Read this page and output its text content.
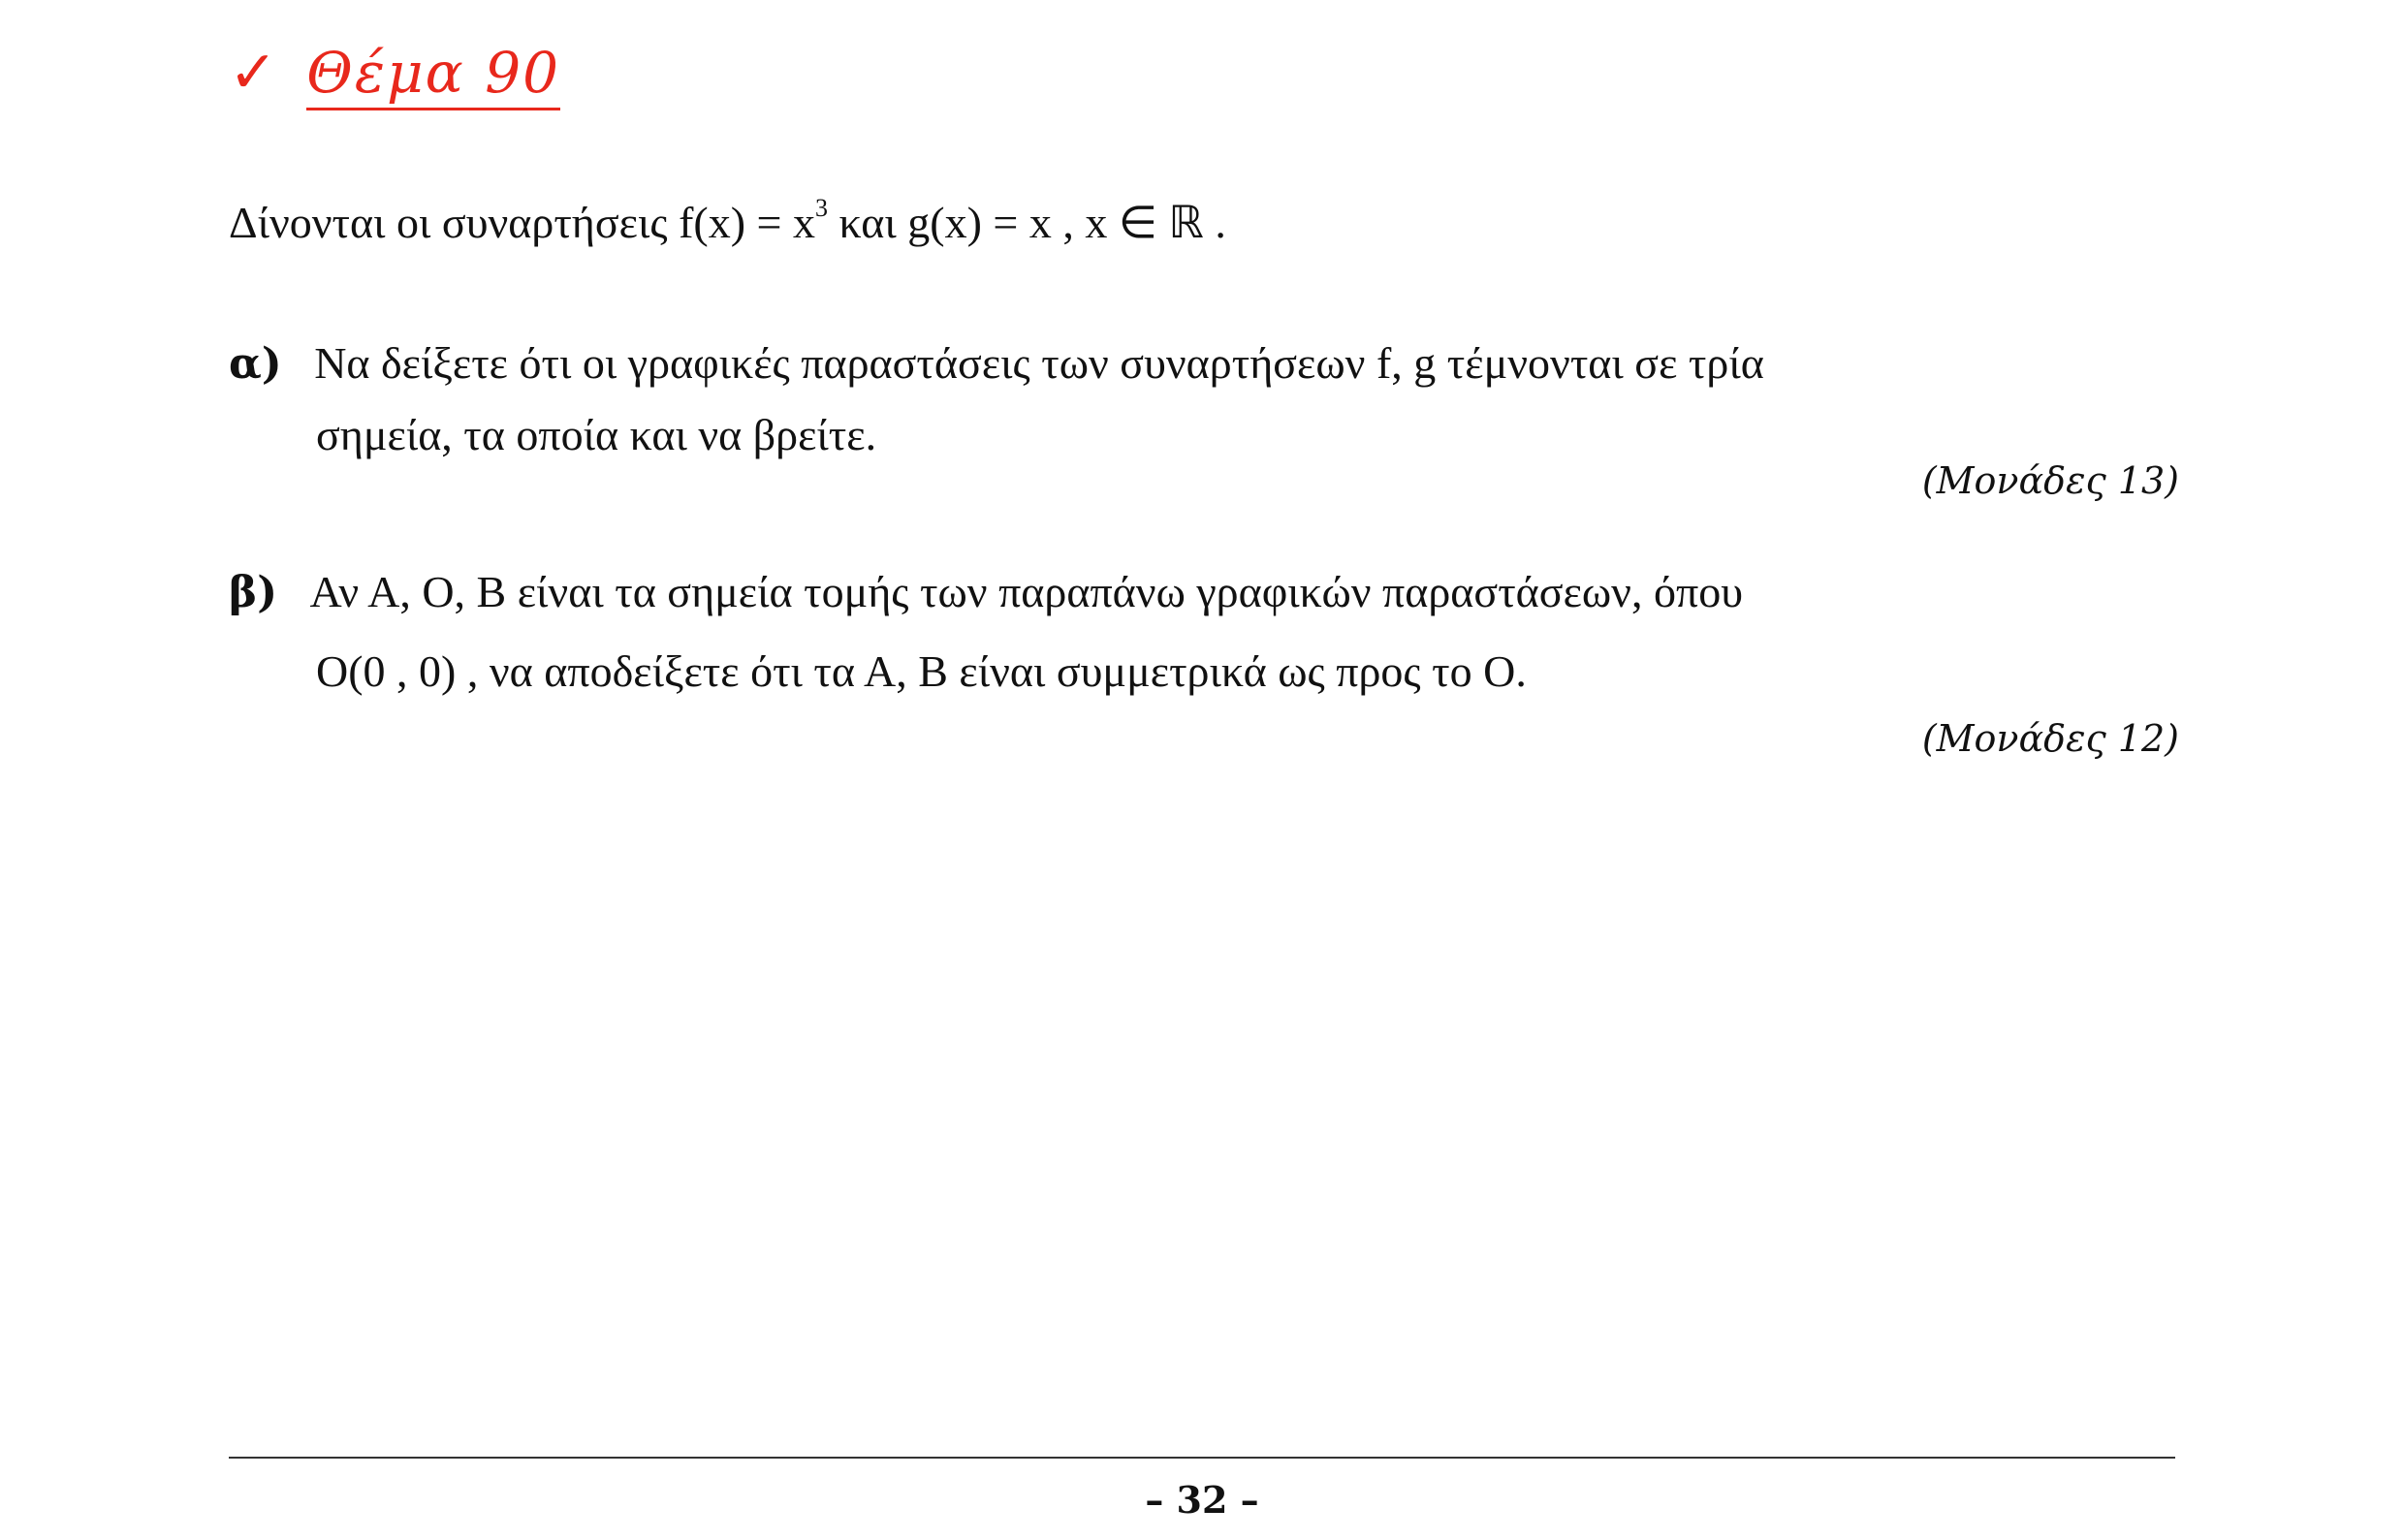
✓ Θέμα 90
Δίνονται οι συναρτήσεις $f(x) = x^3$ και g(x) = x , x ∈ ℝ .
α) Να δείξετε ότι οι γραφικές παραστάσεις των συναρτήσεων f, g τέμνονται σε τρία
σημεία, τα οποία και να βρείτε.
(Μονάδες 13)
β) Αν Α, Ο, Β είναι τα σημεία τομής των παραπάνω γραφικών παραστάσεων, όπου
O(0 , 0) , να αποδείξετε ότι τα Α, Β είναι συμμετρικά ως προς το Ο.
(Μονάδες 12)
– 32 –
